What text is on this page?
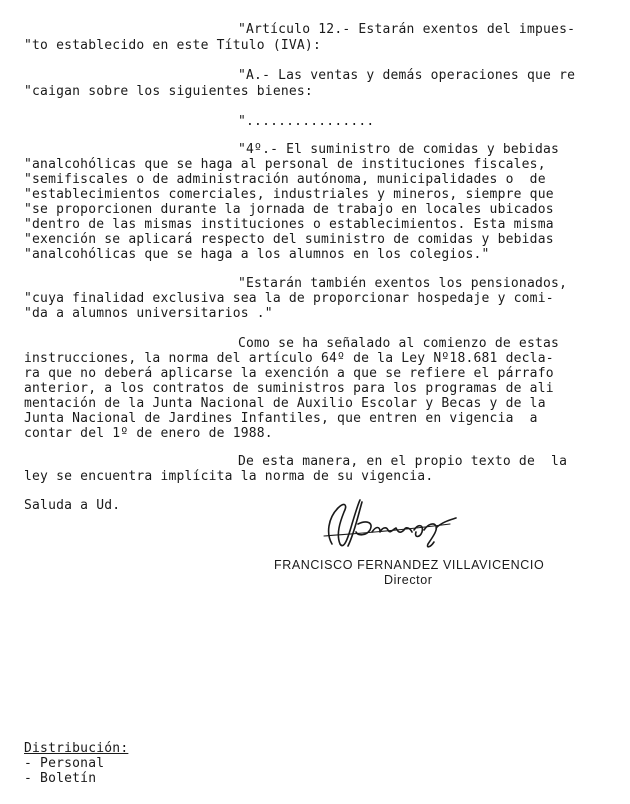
"Artículo 12.- Estarán exentos del impues-
"to establecido en este Título (IVA):
"A.- Las ventas y demás operaciones que re
"caigan sobre los siguientes bienes:
"................
"4º.- El suministro de comidas y bebidas
"analcohólicas que se haga al personal de instituciones fiscales,
"semifiscales o de administración autónoma, municipalidades o  de
"establecimientos comerciales, industriales y mineros, siempre que
"se proporcionen durante la jornada de trabajo en locales ubicados
"dentro de las mismas instituciones o establecimientos. Esta misma
"exención se aplicará respecto del suministro de comidas y bebidas
"analcohólicas que se haga a los alumnos en los colegios."
"Estarán también exentos los pensionados,
"cuya finalidad exclusiva sea la de proporcionar hospedaje y comi-
"da a alumnos universitarios ."
Como se ha señalado al comienzo de estas
instrucciones, la norma del artículo 64º de la Ley Nº18.681 decla-
ra que no deberá aplicarse la exención a que se refiere el párrafo
anterior, a los contratos de suministros para los programas de ali
mentación de la Junta Nacional de Auxilio Escolar y Becas y de la
Junta Nacional de Jardines Infantiles, que entren en vigencia  a
contar del 1º de enero de 1988.
De esta manera, en el propio texto de  la
ley se encuentra implícita la norma de su vigencia.
Saluda a Ud.
FRANCISCO FERNANDEZ VILLAVICENCIO
Director
Distribución:
- Personal
- Boletín
